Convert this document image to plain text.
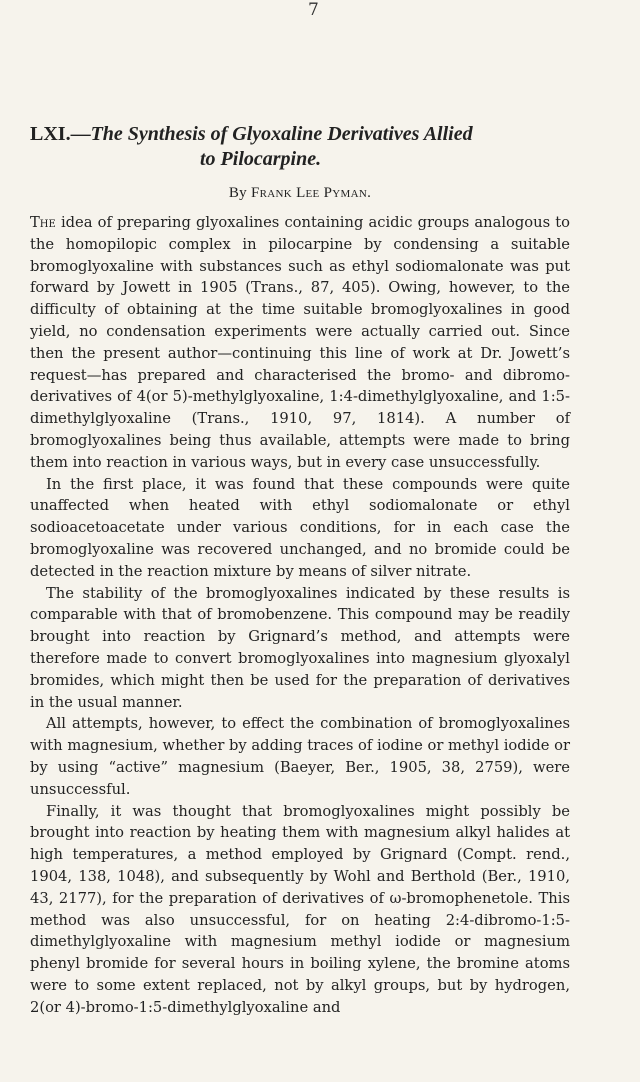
7
LXI.—The Synthesis of Glyoxaline Derivatives Allied
to Pilocarpine.
By Frank Lee Pyman.

The idea of preparing glyoxalines containing acidic groups analogous to the homopilopic complex in pilocarpine by condensing a suitable bromoglyoxaline with substances such as ethyl sodiomalonate was put forward by Jowett in 1905 (Trans., 87, 405). Owing, however, to the difficulty of obtaining at the time suitable bromoglyoxalines in good yield, no condensation experiments were actually carried out. Since then the present author—continuing this line of work at Dr. Jowett’s request—has prepared and characterised the bromo- and dibromo-derivatives of 4(or 5)-methylglyoxaline, 1:4-dimethylglyoxaline, and 1:5-dimethylglyoxaline (Trans., 1910, 97, 1814). A number of bromoglyoxalines being thus available, attempts were made to bring them into reaction in various ways, but in every case unsuccessfully.

In the first place, it was found that these compounds were quite unaffected when heated with ethyl sodiomalonate or ethyl sodioacetoacetate under various conditions, for in each case the bromoglyoxaline was recovered unchanged, and no bromide could be detected in the reaction mixture by means of silver nitrate.

The stability of the bromoglyoxalines indicated by these results is comparable with that of bromobenzene. This compound may be readily brought into reaction by Grignard’s method, and attempts were therefore made to convert bromoglyoxalines into magnesium glyoxalyl bromides, which might then be used for the preparation of derivatives in the usual manner.

All attempts, however, to effect the combination of bromoglyoxalines with magnesium, whether by adding traces of iodine or methyl iodide or by using “active” magnesium (Baeyer, Ber., 1905, 38, 2759), were unsuccessful.

Finally, it was thought that bromoglyoxalines might possibly be brought into reaction by heating them with magnesium alkyl halides at high temperatures, a method employed by Grignard (Compt. rend., 1904, 138, 1048), and subsequently by Wohl and Berthold (Ber., 1910, 43, 2177), for the preparation of derivatives of ω-bromophenetole. This method was also unsuccessful, for on heating 2:4-dibromo-1:5-dimethylglyoxaline with magnesium methyl iodide or magnesium phenyl bromide for several hours in boiling xylene, the bromine atoms were to some extent replaced, not by alkyl groups, but by hydrogen, 2(or 4)-bromo-1:5-dimethylglyoxaline and
